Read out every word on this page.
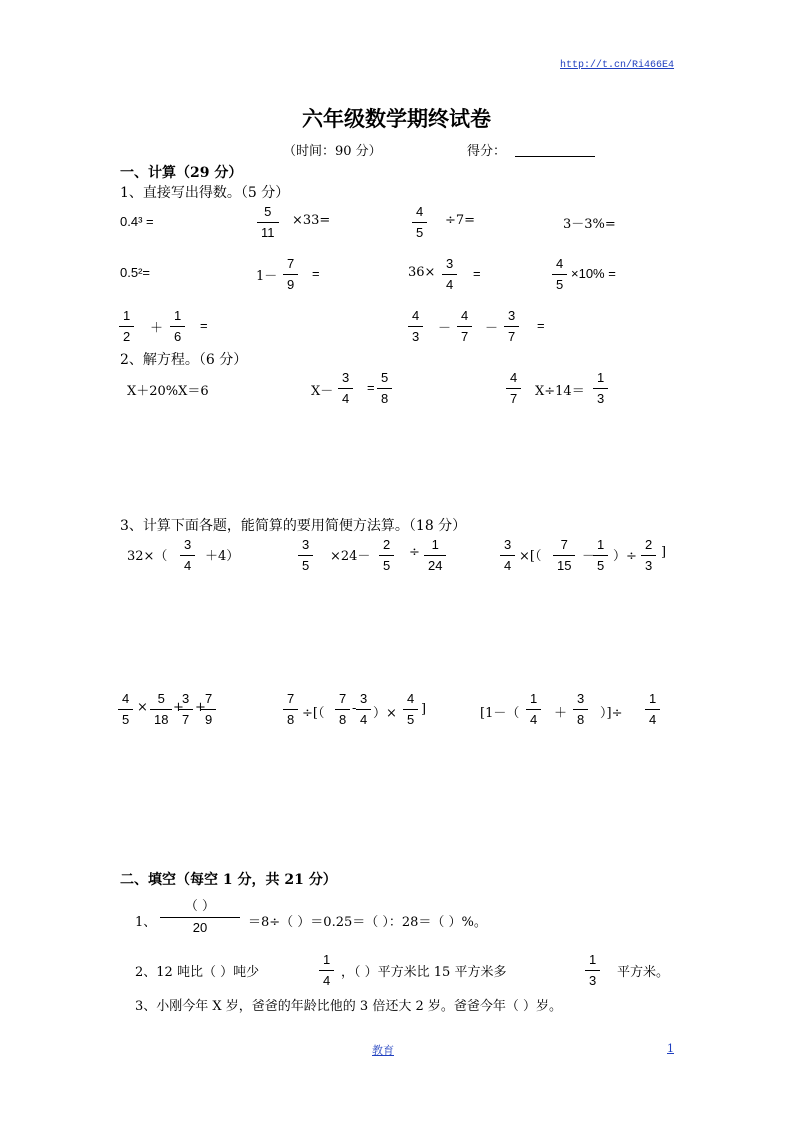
http://t.cn/Ri466E4
六年级数学期终试卷
（时间：90 分）	得分：
一、计算（29 分）
1、直接写出得数。（5 分）
0.4³ =
5
11
×33=
4
5
÷7=	3－3%=
0.5²=	1－
7
9
=	36×
3
4
=
4
5
×10% =
1
2
＋
1
6
=
4
3
－
4
7
－
3
7
=
2、解方程。（6 分）
X＋20%X＝6	X－
3
4
=
5
8
4
7	X÷14＝
1
3
3、计算下面各题，能简算的要用简便方法算。（18 分）
32×（
3
4
＋4）
3
5
×24－
2
5
÷
1
24
3
4
×[（
7
15
－
1
5
）÷
2
3
]
4
5
×
5
18
+
3
7
+
7
9
7
8 ÷[（
7
8
-
3
4 ）×
4
5
]	[1－（
1
4	＋
3
8	）]÷
1
4
二、填空（每空 1 分，共 21 分）
1、
（ ）
20	＝8÷（ ）＝0.25＝（ ）：28＝（ ）%。
2、12 吨比（ ）吨少
1
4
，（ ）平方米比 15 平方米多
1
3
平方米。
3、小刚今年 X 岁，爸爸的年龄比他的 3 倍还大 2 岁。爸爸今年（ ）岁。
教育	1
